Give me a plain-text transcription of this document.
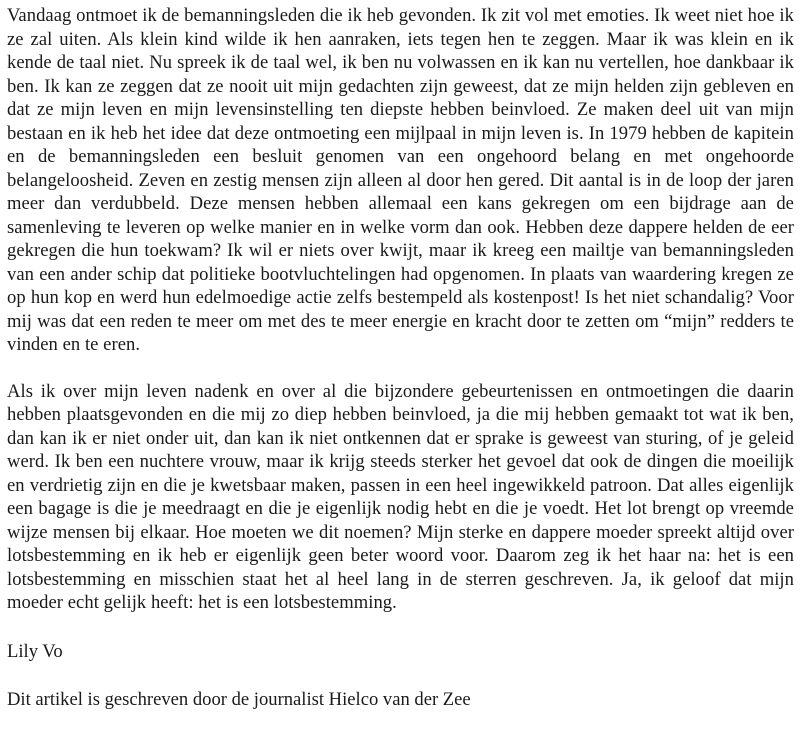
Vandaag ontmoet ik de bemanningsleden die ik heb gevonden. Ik zit vol met emoties. Ik weet niet hoe ik ze zal uiten. Als klein kind wilde ik hen aanraken, iets tegen hen te zeggen. Maar ik was klein en ik kende de taal niet. Nu spreek ik de taal wel, ik ben nu volwassen en ik kan nu vertellen, hoe dankbaar ik ben. Ik kan ze zeggen dat ze nooit uit mijn gedachten zijn geweest, dat ze mijn helden zijn gebleven en dat ze mijn leven en mijn levensinstelling ten diepste hebben beinvloed. Ze maken deel uit van mijn bestaan en ik heb het idee dat deze ontmoeting een mijlpaal in mijn leven is. In 1979 hebben de kapitein en de bemanningsleden een besluit genomen van een ongehoord belang en met ongehoorde belangeloosheid. Zeven en zestig mensen zijn alleen al door hen gered. Dit aantal is in de loop der jaren meer dan verdubbeld. Deze mensen hebben allemaal een kans gekregen om een bijdrage aan de samenleving te leveren op welke manier en in welke vorm dan ook. Hebben deze dappere helden de eer gekregen die hun toekwam? Ik wil er niets over kwijt, maar ik kreeg een mailtje van bemanningsleden van een ander schip dat politieke bootvluchtelingen had opgenomen. In plaats van waardering kregen ze op hun kop en werd hun edelmoedige actie zelfs bestempeld als kostenpost! Is het niet schandalig? Voor mij was dat een reden te meer om met des te meer energie en kracht door te zetten om “mijn” redders te vinden en te eren.

Als ik over mijn leven nadenk en over al die bijzondere gebeurtenissen en ontmoetingen die daarin hebben plaatsgevonden en die mij zo diep hebben beinvloed, ja die mij hebben gemaakt tot wat ik ben, dan kan ik er niet onder uit, dan kan ik niet ontkennen dat er sprake is geweest van sturing, of je geleid werd. Ik ben een nuchtere vrouw, maar ik krijg steeds sterker het gevoel dat ook de dingen die moeilijk en verdrietig zijn en die je kwetsbaar maken, passen in een heel ingewikkeld patroon. Dat alles eigenlijk een bagage is die je meedraagt en die je eigenlijk nodig hebt en die je voedt. Het lot brengt op vreemde wijze mensen bij elkaar. Hoe moeten we dit noemen? Mijn sterke en dappere moeder spreekt altijd over lotsbestemming en ik heb er eigenlijk geen beter woord voor. Daarom zeg ik het haar na: het is een lotsbestemming en misschien staat het al heel lang in de sterren geschreven. Ja, ik geloof dat mijn moeder echt gelijk heeft: het is een lotsbestemming.

Lily Vo

Dit artikel is geschreven door de journalist Hielco van der Zee
